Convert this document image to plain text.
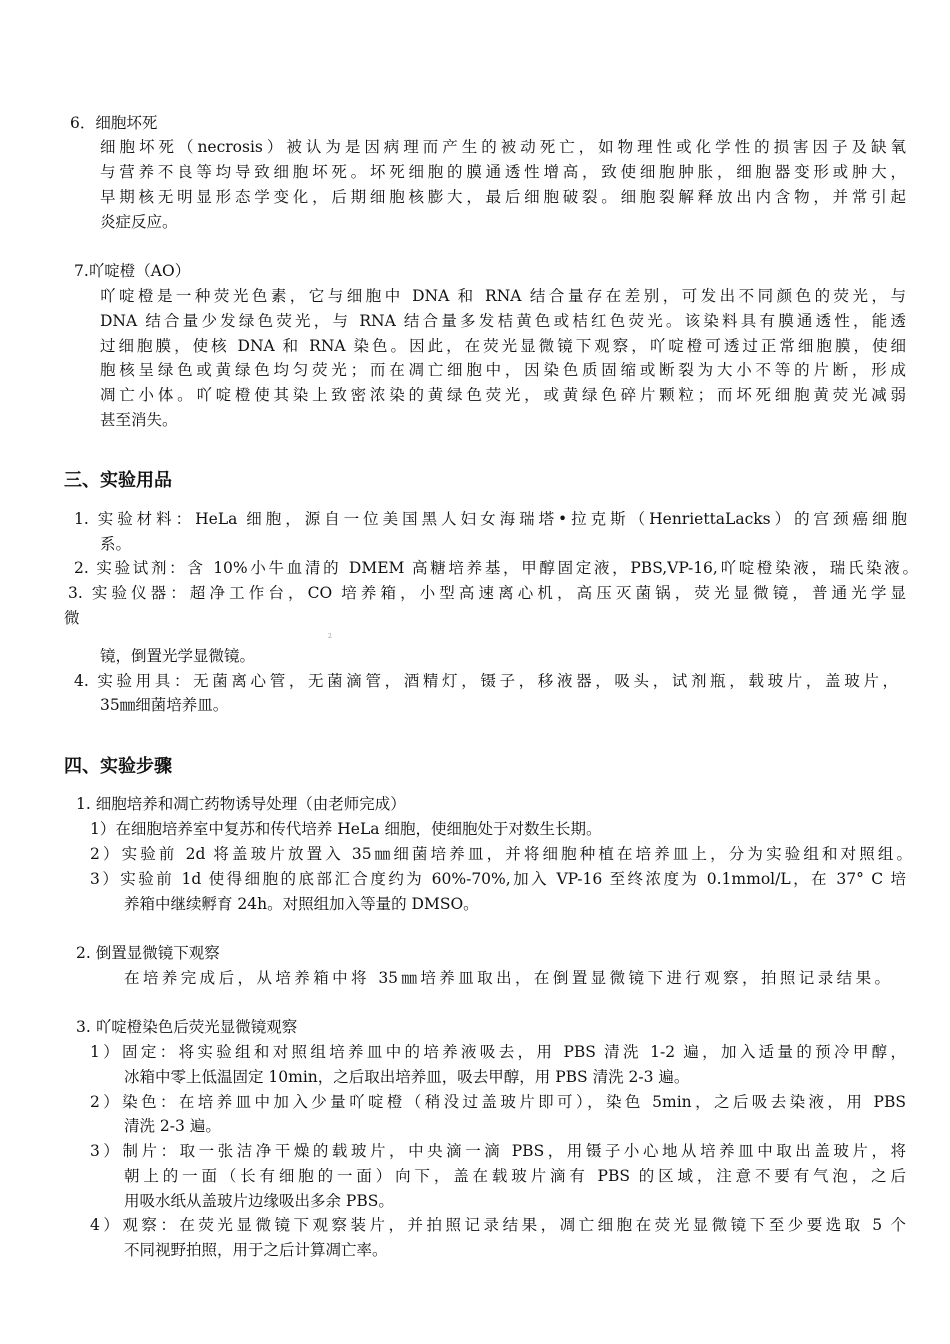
6．细胞坏死
细胞坏死（necrosis）被认为是因病理而产生的被动死亡，如物理性或化学性的损害因子及缺氧
与营养不良等均导致细胞坏死。坏死细胞的膜通透性增高，致使细胞肿胀，细胞器变形或肿大，
早期核无明显形态学变化，后期细胞核膨大，最后细胞破裂。细胞裂解释放出内含物，并常引起
炎症反应。
7.吖啶橙（AO）
吖啶橙是一种荧光色素，它与细胞中 DNA 和 RNA 结合量存在差别，可发出不同颜色的荧光，与
DNA 结合量少发绿色荧光，与 RNA 结合量多发桔黄色或桔红色荧光。该染料具有膜通透性，能透
过细胞膜，使核 DNA 和 RNA 染色。因此，在荧光显微镜下观察，吖啶橙可透过正常细胞膜，使细
胞核呈绿色或黄绿色均匀荧光；而在凋亡细胞中，因染色质固缩或断裂为大小不等的片断，形成
凋亡小体。吖啶橙使其染上致密浓染的黄绿色荧光，或黄绿色碎片颗粒；而坏死细胞黄荧光减弱
甚至消失。
三、实验用品
1. 实验材料：HeLa 细胞，源自一位美国黑人妇女海瑞塔•拉克斯（HenriettaLacks）的宫颈癌细胞
系。
2. 实验试剂：含 10%小牛血清的 DMEM 高糖培养基，甲醇固定液，PBS,VP-16,吖啶橙染液，瑞氏染液。
3. 实验仪器：超净工作台，CO 培养箱，小型高速离心机，高压灭菌锅，荧光显微镜，普通光学显
微
2
镜，倒置光学显微镜。
4. 实验用具：无菌离心管，无菌滴管，酒精灯，镊子，移液器，吸头，试剂瓶，载玻片，盖玻片，
35㎜细菌培养皿。
四、实验步骤
1. 细胞培养和凋亡药物诱导处理（由老师完成）
1）在细胞培养室中复苏和传代培养 HeLa 细胞，使细胞处于对数生长期。
2）实验前 2d 将盖玻片放置入 35㎜细菌培养皿，并将细胞种植在培养皿上，分为实验组和对照组。
3）实验前 1d 使得细胞的底部汇合度约为 60%-70%,加入 VP-16 至终浓度为 0.1mmol/L，在 37° C 培
养箱中继续孵育 24h。对照组加入等量的 DMSO。
2. 倒置显微镜下观察
在培养完成后，从培养箱中将 35㎜培养皿取出，在倒置显微镜下进行观察，拍照记录结果。
3. 吖啶橙染色后荧光显微镜观察
1）固定：将实验组和对照组培养皿中的培养液吸去，用 PBS 清洗 1-2 遍，加入适量的预冷甲醇，
冰箱中零上低温固定 10min，之后取出培养皿，吸去甲醇，用 PBS 清洗 2-3 遍。
2）染色：在培养皿中加入少量吖啶橙（稍没过盖玻片即可），染色 5min，之后吸去染液，用 PBS
清洗 2-3 遍。
3）制片：取一张洁净干燥的载玻片，中央滴一滴 PBS，用镊子小心地从培养皿中取出盖玻片，将
朝上的一面（长有细胞的一面）向下，盖在载玻片滴有 PBS 的区域，注意不要有气泡，之后
用吸水纸从盖玻片边缘吸出多余 PBS。
4）观察：在荧光显微镜下观察装片，并拍照记录结果，凋亡细胞在荧光显微镜下至少要选取 5 个
不同视野拍照，用于之后计算凋亡率。
